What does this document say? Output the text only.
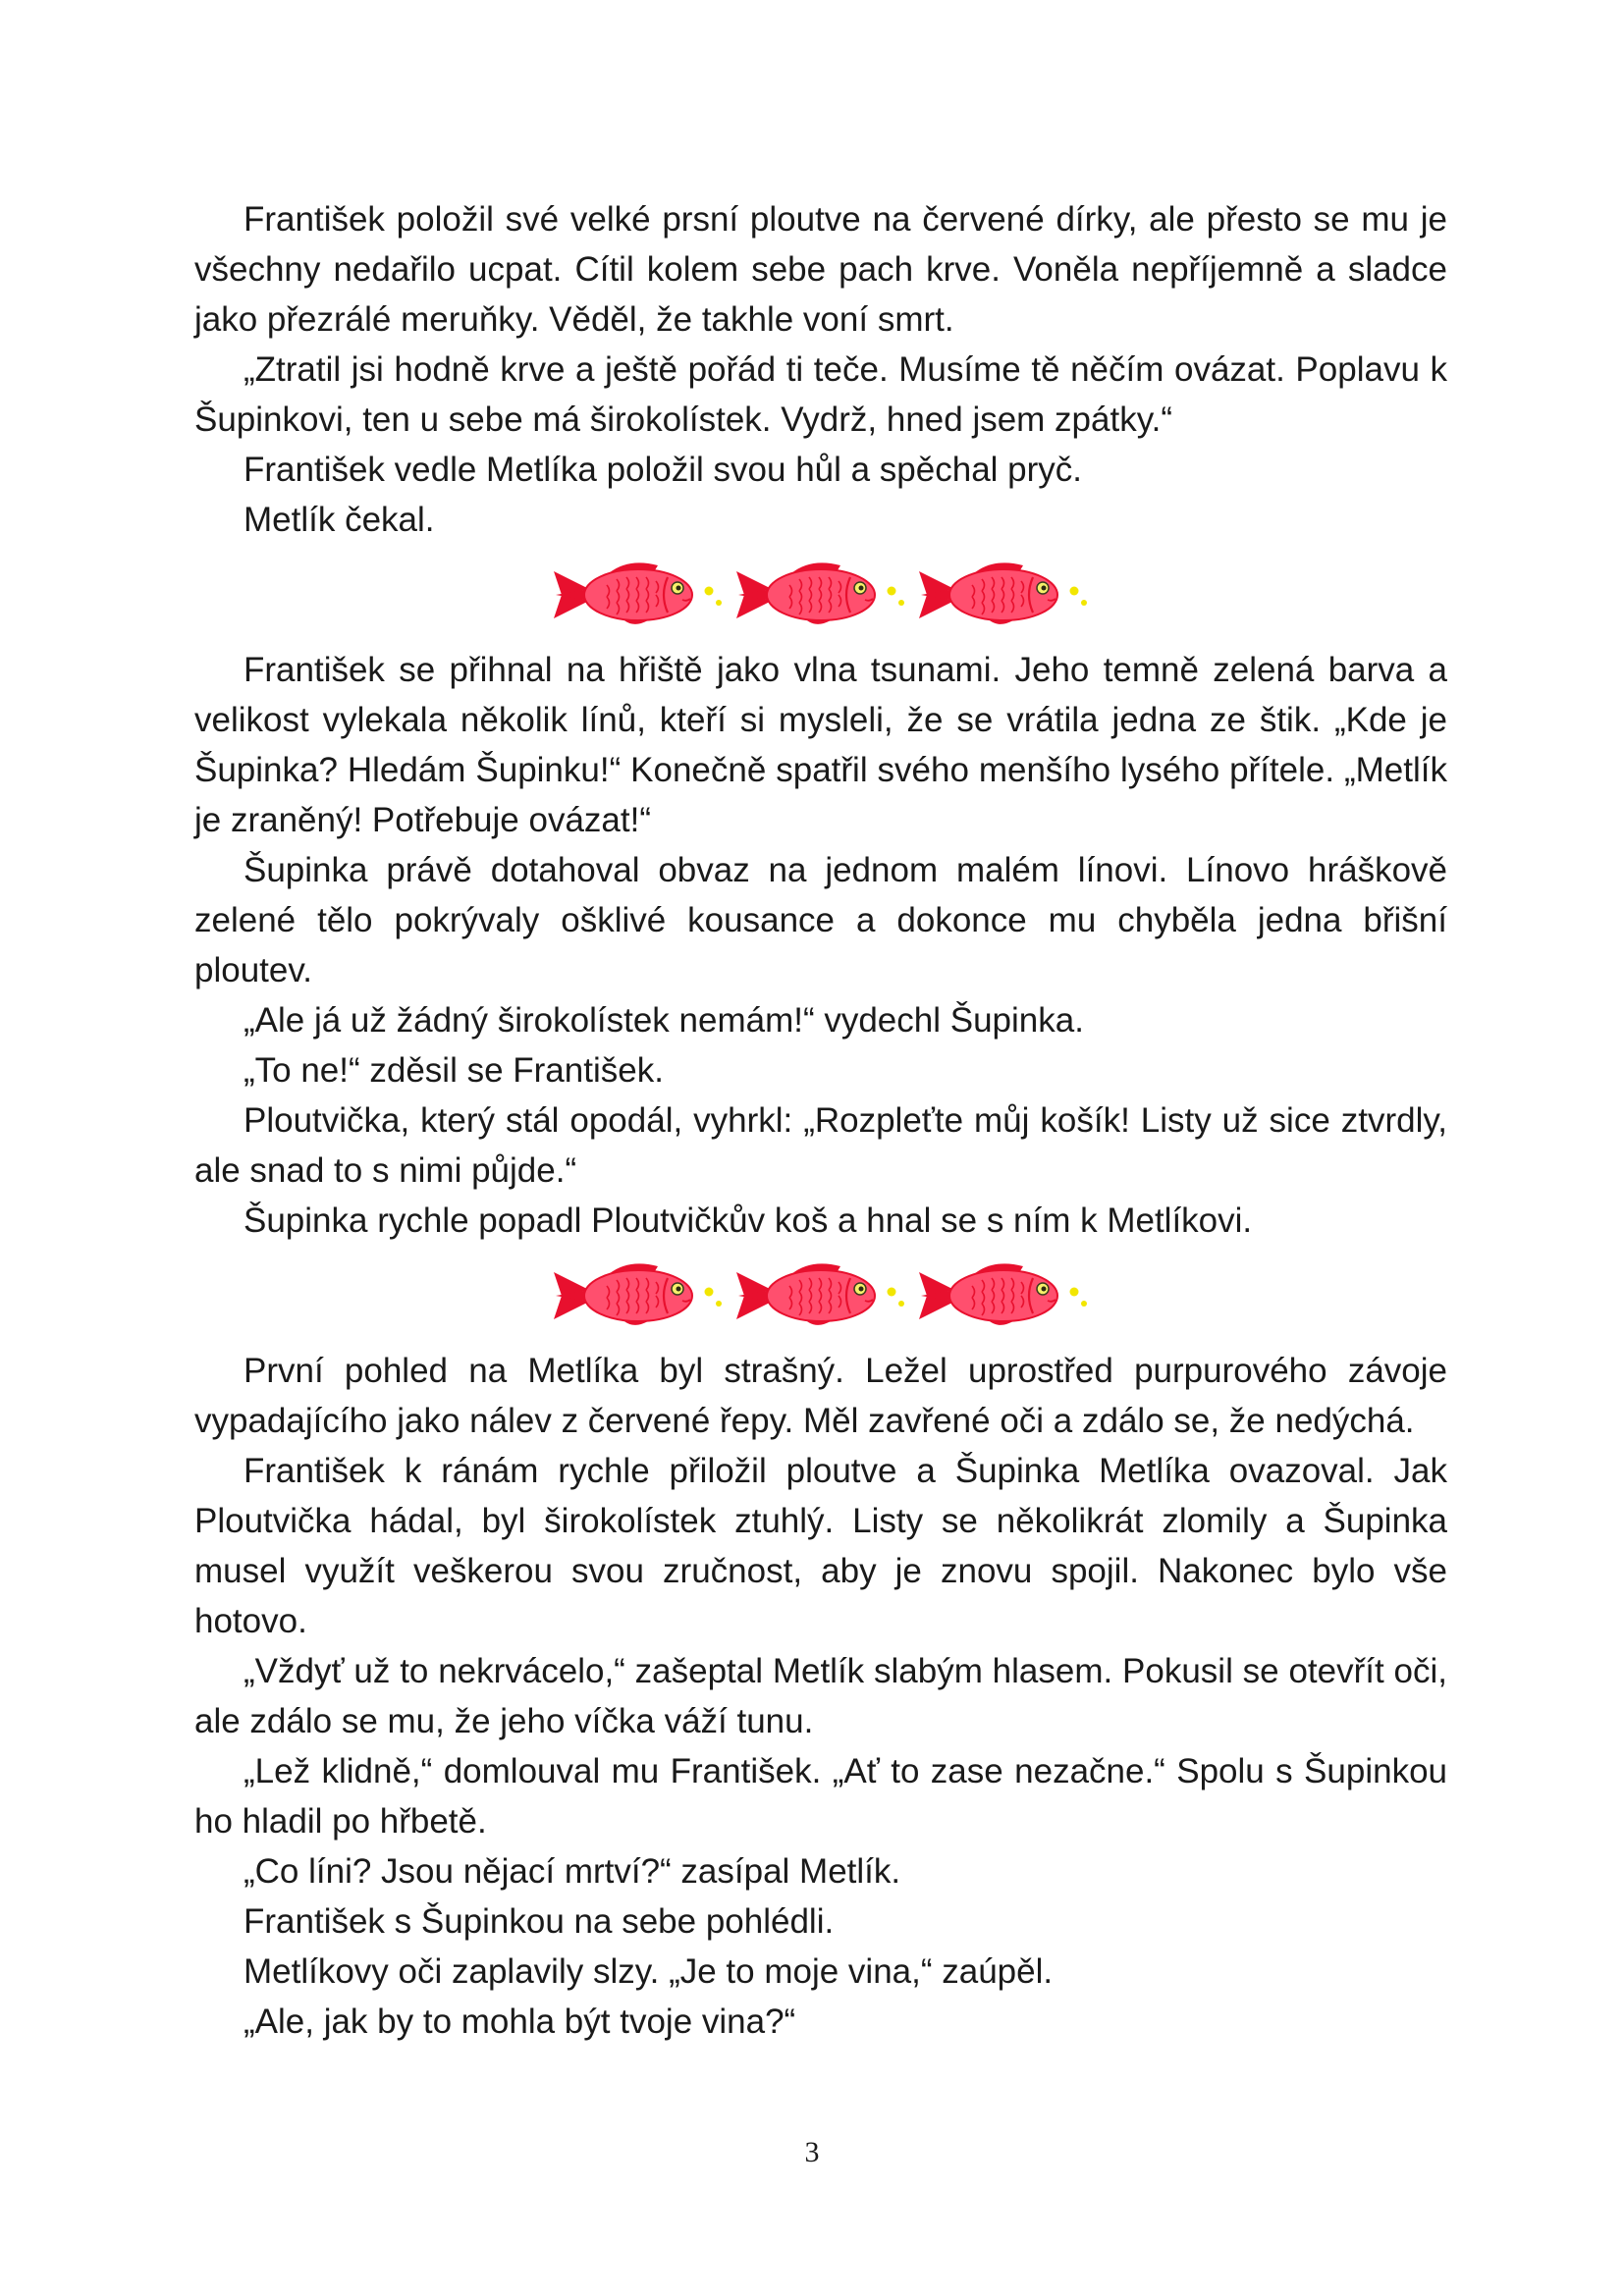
František položil své velké prsní ploutve na červené dírky, ale přesto se mu je všechny nedařilo ucpat. Cítil kolem sebe pach krve. Voněla nepříjemně a sladce jako přezrálé meruňky. Věděl, že takhle voní smrt.

„Ztratil jsi hodně krve a ještě pořád ti teče. Musíme tě něčím ovázat. Poplavu k Šupinkovi, ten u sebe má širokolístek. Vydrž, hned jsem zpátky.“

František vedle Metlíka položil svou hůl a spěchal pryč.

Metlík čekal.

František se přihnal na hřiště jako vlna tsunami. Jeho temně zelená barva a velikost vylekala několik línů, kteří si mysleli, že se vrátila jedna ze štik. „Kde je Šupinka? Hledám Šupinku!“ Konečně spatřil svého menšího lysého přítele. „Metlík je zraněný! Potřebuje ovázat!“

Šupinka právě dotahoval obvaz na jednom malém línovi. Línovo hráškově zelené tělo pokrývaly ošklivé kousance a dokonce mu chyběla jedna břišní ploutev.

„Ale já už žádný širokolístek nemám!“ vydechl Šupinka.

„To ne!“ zděsil se František.

Ploutvička, který stál opodál, vyhrkl: „Rozpleťte můj košík! Listy už sice ztvrdly, ale snad to s nimi půjde.“

Šupinka rychle popadl Ploutvičkův koš a hnal se s ním k Metlíkovi.

První pohled na Metlíka byl strašný. Ležel uprostřed purpurového závoje vypadajícího jako nálev z červené řepy. Měl zavřené oči a zdálo se, že nedýchá.

František k ránám rychle přiložil ploutve a Šupinka Metlíka ovazoval. Jak Ploutvička hádal, byl širokolístek ztuhlý. Listy se několikrát zlomily a Šupinka musel využít veškerou svou zručnost, aby je znovu spojil. Nakonec bylo vše hotovo.

„Vždyť už to nekrvácelo,“ zašeptal Metlík slabým hlasem. Pokusil se otevřít oči, ale zdálo se mu, že jeho víčka váží tunu.

„Lež klidně,“ domlouval mu František. „Ať to zase nezačne.“ Spolu s Šupinkou ho hladil po hřbetě.

„Co líni? Jsou nějací mrtví?“ zasípal Metlík.

František s Šupinkou na sebe pohlédli.

Metlíkovy oči zaplavily slzy. „Je to moje vina,“ zaúpěl.

„Ale, jak by to mohla být tvoje vina?“

3
